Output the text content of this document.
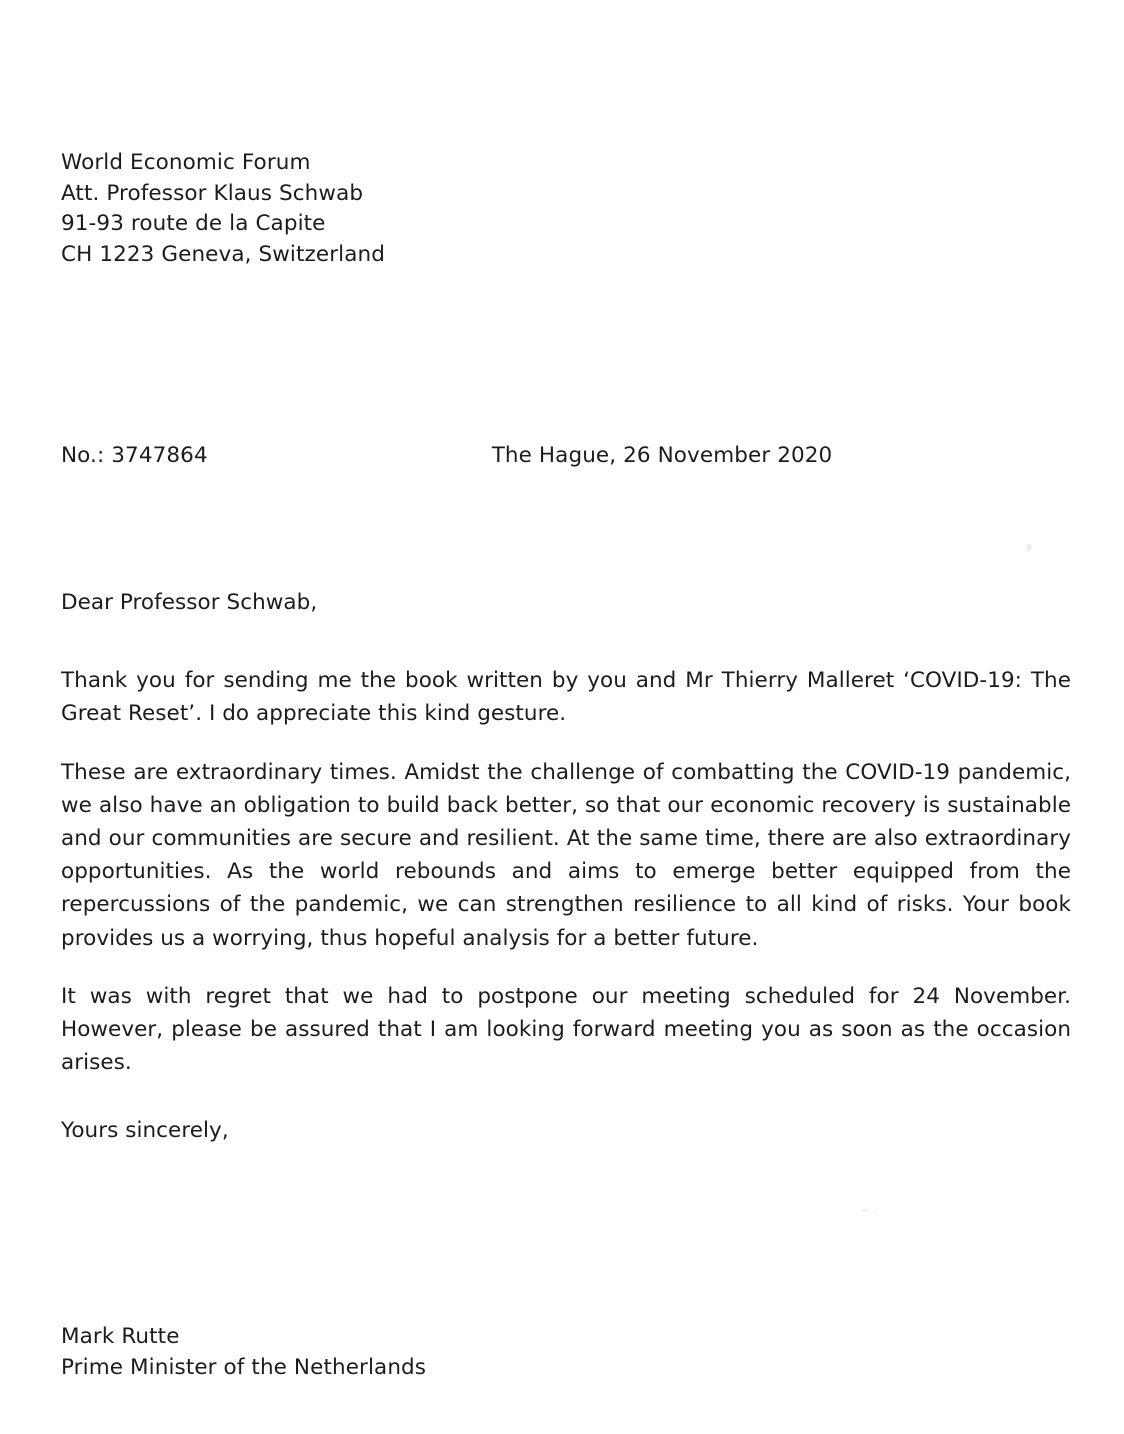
World Economic Forum
Att. Professor Klaus Schwab
91-93 route de la Capite
CH 1223 Geneva, Switzerland
No.: 3747864	The Hague, 26 November 2020

Dear Professor Schwab,

Thank you for sending me the book written by you and Mr Thierry Malleret ‘COVID-19: The Great Reset’. I do appreciate this kind gesture.

These are extraordinary times. Amidst the challenge of combatting the COVID-19 pandemic, we also have an obligation to build back better, so that our economic recovery is sustainable and our communities are secure and resilient. At the same time, there are also extraordinary opportunities. As the world rebounds and aims to emerge better equipped from the repercussions of the pandemic, we can strengthen resilience to all kind of risks. Your book provides us a worrying, thus hopeful analysis for a better future.

It was with regret that we had to postpone our meeting scheduled for 24 November. However, please be assured that I am looking forward meeting you as soon as the occasion arises.

Yours sincerely,

Mark Rutte
Prime Minister of the Netherlands
